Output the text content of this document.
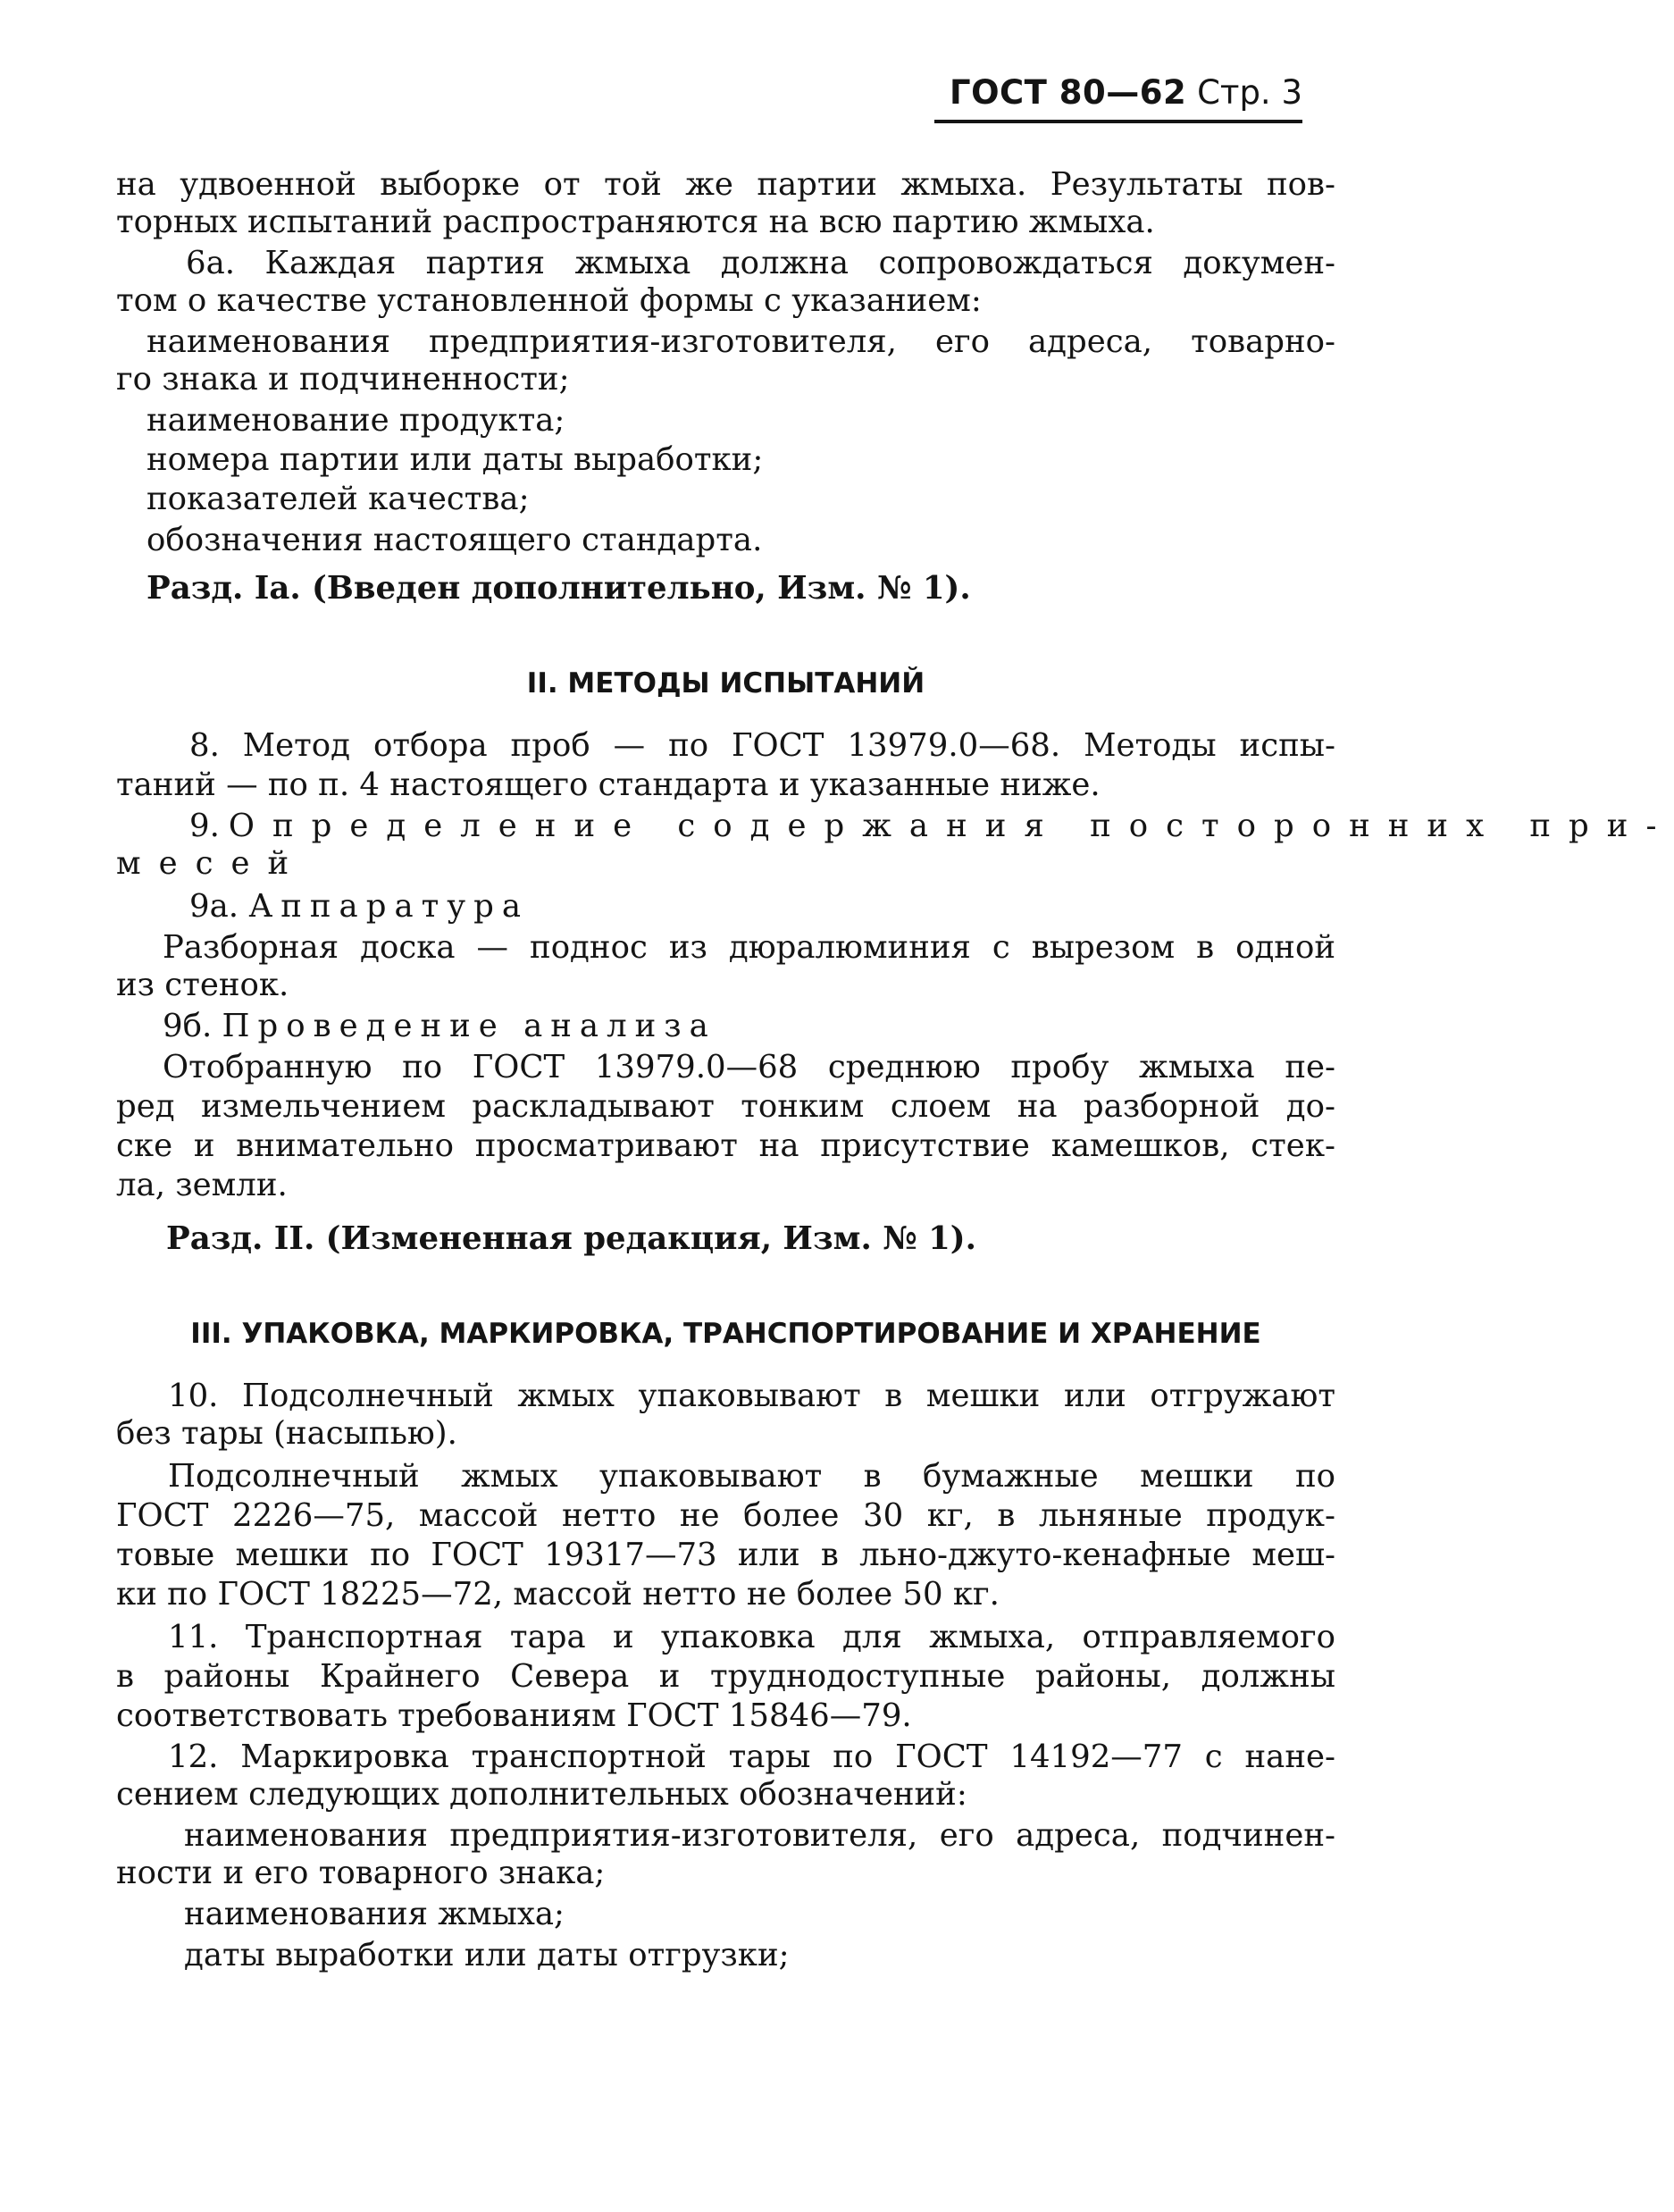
ГОСТ 80—62 Стр. 3
на удвоенной выборке от той же партии жмыха. Результаты пов-
торных испытаний распространяются на всю партию жмыха.
6а. Каждая партия жмыха должна сопровождаться докумен-
том о качестве установленной формы с указанием:
наименования предприятия-изготовителя, его адреса, товарно-
го знака и подчиненности;
наименование продукта;
номера партии или даты выработки;
показателей качества;
обозначения настоящего стандарта.
Разд. Iа. (Введен дополнительно, Изм. № 1).
II. МЕТОДЫ ИСПЫТАНИЙ
8. Метод отбора проб — по ГОСТ 13979.0—68. Методы испы-
таний — по п. 4 настоящего стандарта и указанные ниже.
9. Определение содержания посторонних при-
месей
9а. Аппаратура
Разборная доска — поднос из дюралюминия с вырезом в одной
из стенок.
9б. Проведение анализа
Отобранную по ГОСТ 13979.0—68 среднюю пробу жмыха пе-
ред измельчением раскладывают тонким слоем на разборной до-
ске и внимательно просматривают на присутствие камешков, стек-
ла, земли.
Разд. II. (Измененная редакция, Изм. № 1).
III. УПАКОВКА, МАРКИРОВКА, ТРАНСПОРТИРОВАНИЕ И ХРАНЕНИЕ
10. Подсолнечный жмых упаковывают в мешки или отгружают
без тары (насыпью).
Подсолнечный жмых упаковывают в бумажные мешки по
ГОСТ 2226—75, массой нетто не более 30 кг, в льняные продук-
товые мешки по ГОСТ 19317—73 или в льно-джуто-кенафные меш-
ки по ГОСТ 18225—72, массой нетто не более 50 кг.
11. Транспортная тара и упаковка для жмыха, отправляемого
в районы Крайнего Севера и труднодоступные районы, должны
соответствовать требованиям ГОСТ 15846—79.
12. Маркировка транспортной тары по ГОСТ 14192—77 с нане-
сением следующих дополнительных обозначений:
наименования предприятия-изготовителя, его адреса, подчинен-
ности и его товарного знака;
наименования жмыха;
даты выработки или даты отгрузки;
